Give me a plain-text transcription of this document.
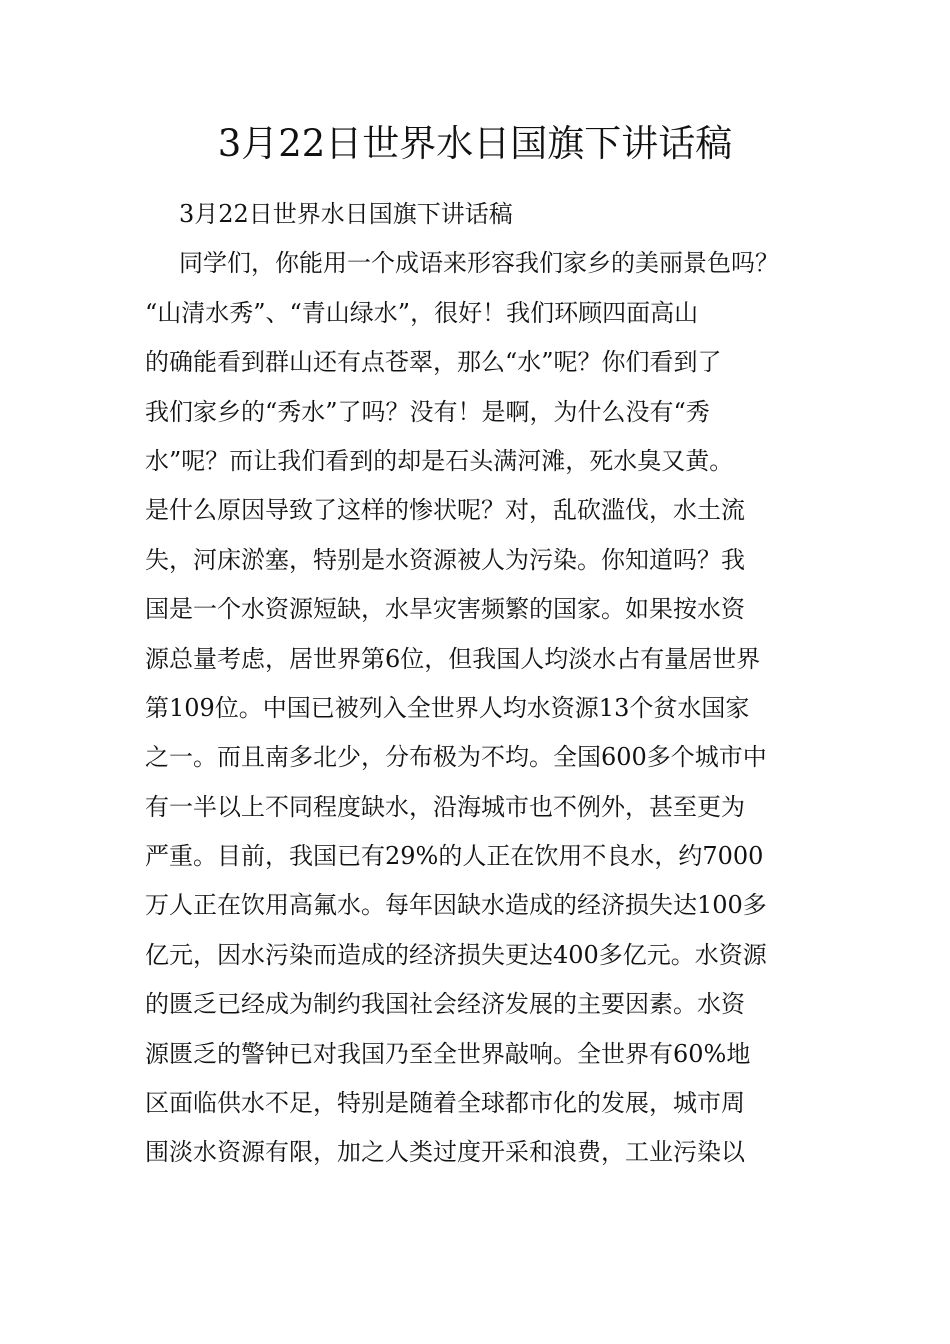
3月22日世界水日国旗下讲话稿
3月22日世界水日国旗下讲话稿
同学们，你能用一个成语来形容我们家乡的美丽景色吗？
“山清水秀”、“青山绿水”，很好！我们环顾四面高山
的确能看到群山还有点苍翠，那么“水”呢？你们看到了
我们家乡的“秀水”了吗？没有！是啊，为什么没有“秀
水”呢？而让我们看到的却是石头满河滩，死水臭又黄。
是什么原因导致了这样的惨状呢？对，乱砍滥伐，水土流
失，河床淤塞，特别是水资源被人为污染。你知道吗？我
国是一个水资源短缺，水旱灾害频繁的国家。如果按水资
源总量考虑，居世界第6位，但我国人均淡水占有量居世界
第109位。中国已被列入全世界人均水资源13个贫水国家
之一。而且南多北少，分布极为不均。全国600多个城市中
有一半以上不同程度缺水，沿海城市也不例外，甚至更为
严重。目前，我国已有29%的人正在饮用不良水，约7000
万人正在饮用高氟水。每年因缺水造成的经济损失达100多
亿元，因水污染而造成的经济损失更达400多亿元。水资源
的匮乏已经成为制约我国社会经济发展的主要因素。水资
源匮乏的警钟已对我国乃至全世界敲响。全世界有60%地
区面临供水不足，特别是随着全球都市化的发展，城市周
围淡水资源有限，加之人类过度开采和浪费，工业污染以
